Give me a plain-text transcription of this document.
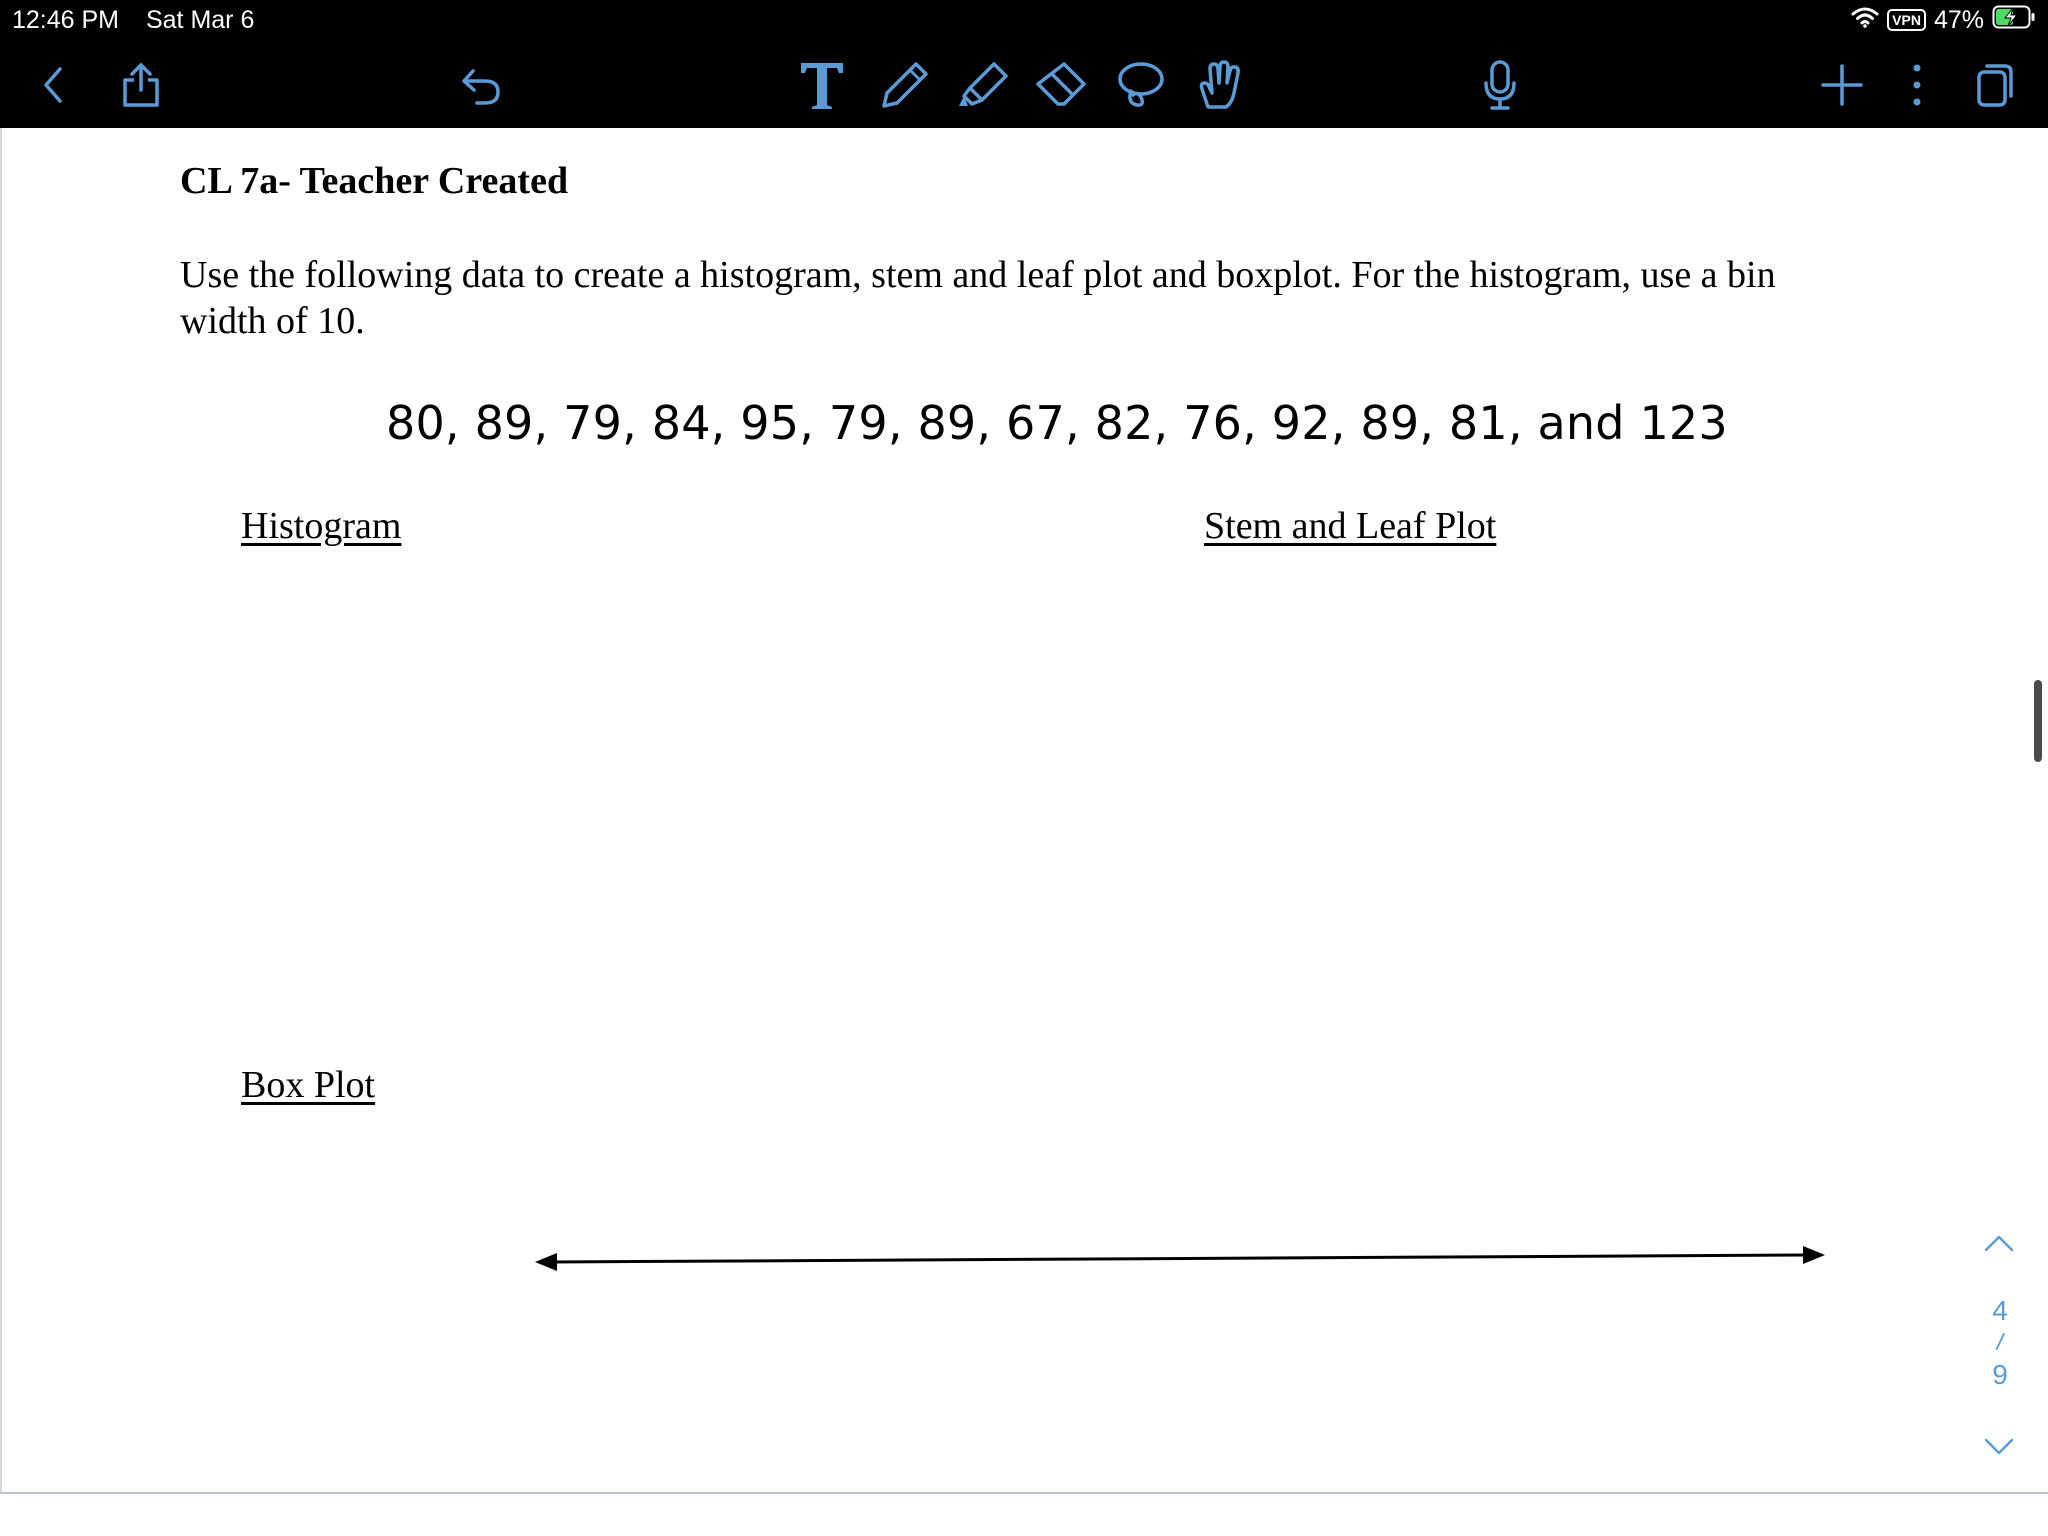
12:46 PM Sat Mar 6	VPN 47%
CL 7a- Teacher Created
Use the following data to create a histogram, stem and leaf plot and boxplot. For the histogram, use a bin width of 10.
80, 89, 79, 84, 95, 79, 89, 67, 82, 76, 92, 89, 81, and 123
Histogram	Stem and Leaf Plot
Box Plot
4
/
9
